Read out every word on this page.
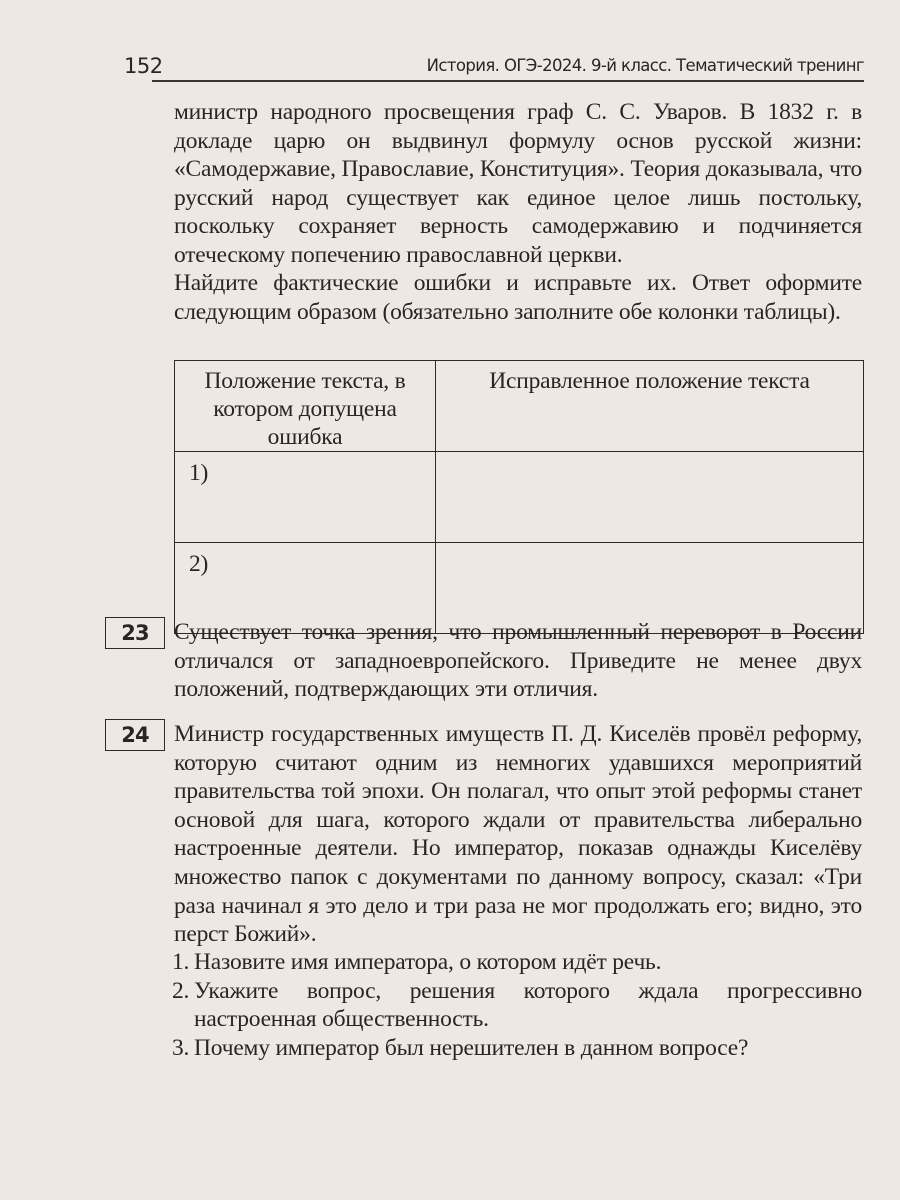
152	История. ОГЭ-2024. 9-й класс. Тематический тренинг
министр народного просвещения граф С. С. Уваров. В 1832 г. в докладе царю он выдвинул формулу основ русской жизни: «Самодержавие, Православие, Конституция». Теория доказывала, что русский народ существует как единое целое лишь постольку, поскольку сохраняет верность самодержавию и подчиняется отеческому попечению православной церкви.
Найдите фактические ошибки и исправьте их. Ответ оформите следующим образом (обязательно заполните обе колонки таблицы).
Положение текста, в котором допущена ошибка	Исправленное положение текста
1)	
2)	
23	Существует точка зрения, что промышленный переворот в России отличался от западноевропейского. Приведите не менее двух положений, подтверждающих эти отличия.
24	Министр государственных имуществ П. Д. Киселёв провёл реформу, которую считают одним из немногих удавшихся мероприятий правительства той эпохи. Он полагал, что опыт этой реформы станет основой для шага, которого ждали от правительства либерально настроенные деятели. Но император, показав однажды Киселёву множество папок с документами по данному вопросу, сказал: «Три раза начинал я это дело и три раза не мог продолжать его; видно, это перст Божий».
1. Назовите имя императора, о котором идёт речь.
2. Укажите вопрос, решения которого ждала прогрессивно настроенная общественность.
3. Почему император был нерешителен в данном вопросе?
